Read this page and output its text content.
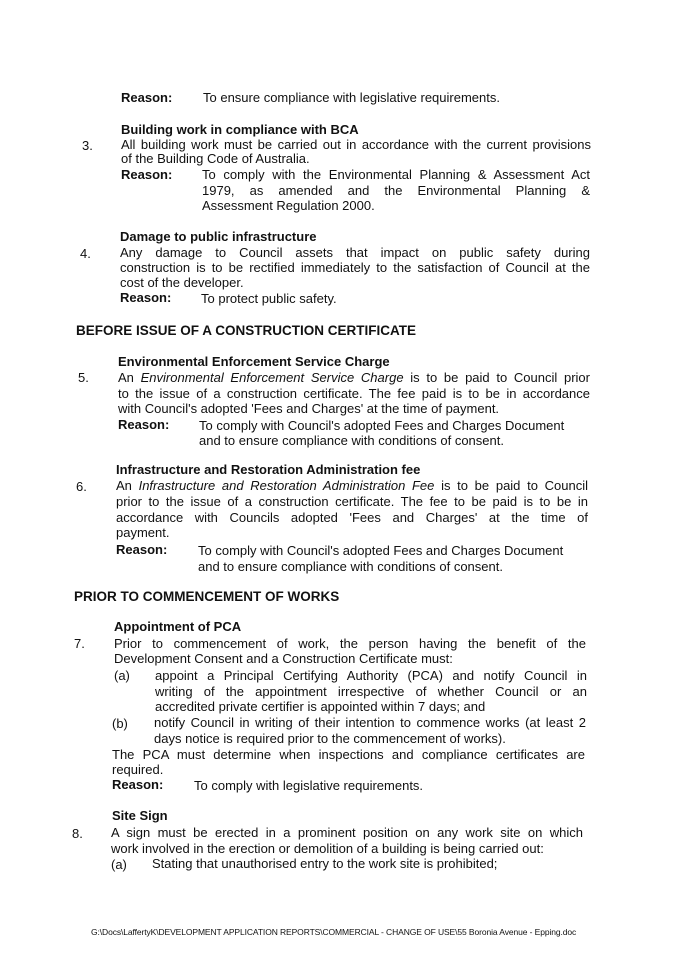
Reason: To ensure compliance with legislative requirements.
Building work in compliance with BCA
3. All building work must be carried out in accordance with the current provisions
of the Building Code of Australia.
Reason: To comply with the Environmental Planning & Assessment Act
1979, as amended and the Environmental Planning &
Assessment Regulation 2000.
Damage to public infrastructure
4. Any damage to Council assets that impact on public safety during
construction is to be rectified immediately to the satisfaction of Council at the
cost of the developer.
Reason: To protect public safety.
BEFORE ISSUE OF A CONSTRUCTION CERTIFICATE
Environmental Enforcement Service Charge
5. An Environmental Enforcement Service Charge is to be paid to Council prior
to the issue of a construction certificate. The fee paid is to be in accordance
with Council's adopted 'Fees and Charges' at the time of payment.
Reason: To comply with Council's adopted Fees and Charges Document
and to ensure compliance with conditions of consent.
Infrastructure and Restoration Administration fee
6. An Infrastructure and Restoration Administration Fee is to be paid to Council
prior to the issue of a construction certificate. The fee to be paid is to be in
accordance with Councils adopted 'Fees and Charges' at the time of
payment.
Reason: To comply with Council's adopted Fees and Charges Document
and to ensure compliance with conditions of consent.
PRIOR TO COMMENCEMENT OF WORKS
Appointment of PCA
7. Prior to commencement of work, the person having the benefit of the
Development Consent and a Construction Certificate must:
(a) appoint a Principal Certifying Authority (PCA) and notify Council in
writing of the appointment irrespective of whether Council or an
accredited private certifier is appointed within 7 days; and
(b) notify Council in writing of their intention to commence works (at least 2
days notice is required prior to the commencement of works).
The PCA must determine when inspections and compliance certificates are
required.
Reason: To comply with legislative requirements.
Site Sign
8. A sign must be erected in a prominent position on any work site on which
work involved in the erection or demolition of a building is being carried out:
(a) Stating that unauthorised entry to the work site is prohibited;
G:\Docs\LaffertyK\DEVELOPMENT APPLICATION REPORTS\COMMERCIAL - CHANGE OF USE\55 Boronia Avenue - Epping.doc
